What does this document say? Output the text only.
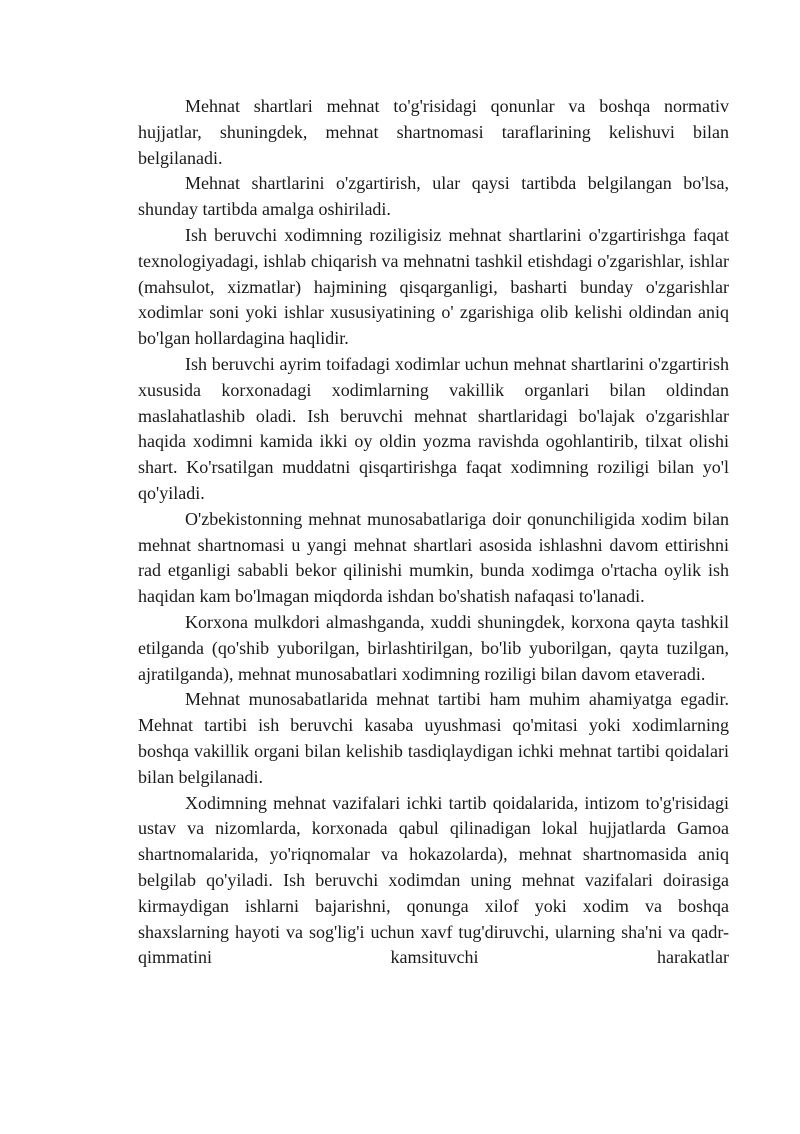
Mehnat shartlari mehnat to'g'risidagi qonunlar va boshqa normativ hujjatlar, shuningdek, mehnat shartnomasi taraflarining kelishuvi bilan belgilanadi.

Mehnat shartlarini o'zgartirish, ular qaysi tartibda belgilangan bo'lsa, shunday tartibda amalga oshiriladi.

Ish beruvchi xodimning roziligisiz mehnat shartlarini o'zgartirishga faqat texnologiyadagi, ishlab chiqarish va mehnatni tashkil etishdagi o'zgarishlar, ishlar (mahsulot, xizmatlar) hajmining qisqarganligi, basharti bunday o'zgarishlar xodimlar soni yoki ishlar xususiyatining o' zgarishiga olib kelishi oldindan aniq bo'lgan hollardagina haqlidir.

Ish beruvchi ayrim toifadagi xodimlar uchun mehnat shartlarini o'zgartirish xususida korxonadagi xodimlarning vakillik organlari bilan oldindan maslahatlashib oladi. Ish beruvchi mehnat shartlaridagi bo'lajak o'zgarishlar haqida xodimni kamida ikki oy oldin yozma ravishda ogohlantirib, tilxat olishi shart. Ko'rsatilgan muddatni qisqartirishga faqat xodimning roziligi bilan yo'l qo'yiladi.

O'zbekistonning mehnat munosabatlariga doir qonunchiligida xodim bilan mehnat shartnomasi u yangi mehnat shartlari asosida ishlashni davom ettirishni rad etganligi sababli bekor qilinishi mumkin, bunda xodimga o'rtacha oylik ish haqidan kam bo'lmagan miqdorda ishdan bo'shatish nafaqasi to'lanadi.

Korxona mulkdori almashganda, xuddi shuningdek, korxona qayta tashkil etilganda (qo'shib yuborilgan, birlashtirilgan, bo'lib yuborilgan, qayta tuzilgan, ajratilganda), mehnat munosabatlari xodimning roziligi bilan davom etaveradi.

Mehnat munosabatlarida mehnat tartibi ham muhim ahamiyatga egadir. Mehnat tartibi ish beruvchi kasaba uyushmasi qo'mitasi yoki xodimlarning boshqa vakillik organi bilan kelishib tasdiqlaydigan ichki mehnat tartibi qoidalari bilan belgilanadi.

Xodimning mehnat vazifalari ichki tartib qoidalarida, intizom to'g'risidagi ustav va nizomlarda, korxonada qabul qilinadigan lokal hujjatlarda Gamoa shartnomalarida, yo'riqnomalar va hokazolarda), mehnat shartnomasida aniq belgilab qo'yiladi. Ish beruvchi xodimdan uning mehnat vazifalari doirasiga kirmaydigan ishlarni bajarishni, qonunga xilof yoki xodim va boshqa shaxslarning hayoti va sog'lig'i uchun xavf tug'diruvchi, ularning sha'ni va qadr-qimmatini kamsituvchi harakatlar
